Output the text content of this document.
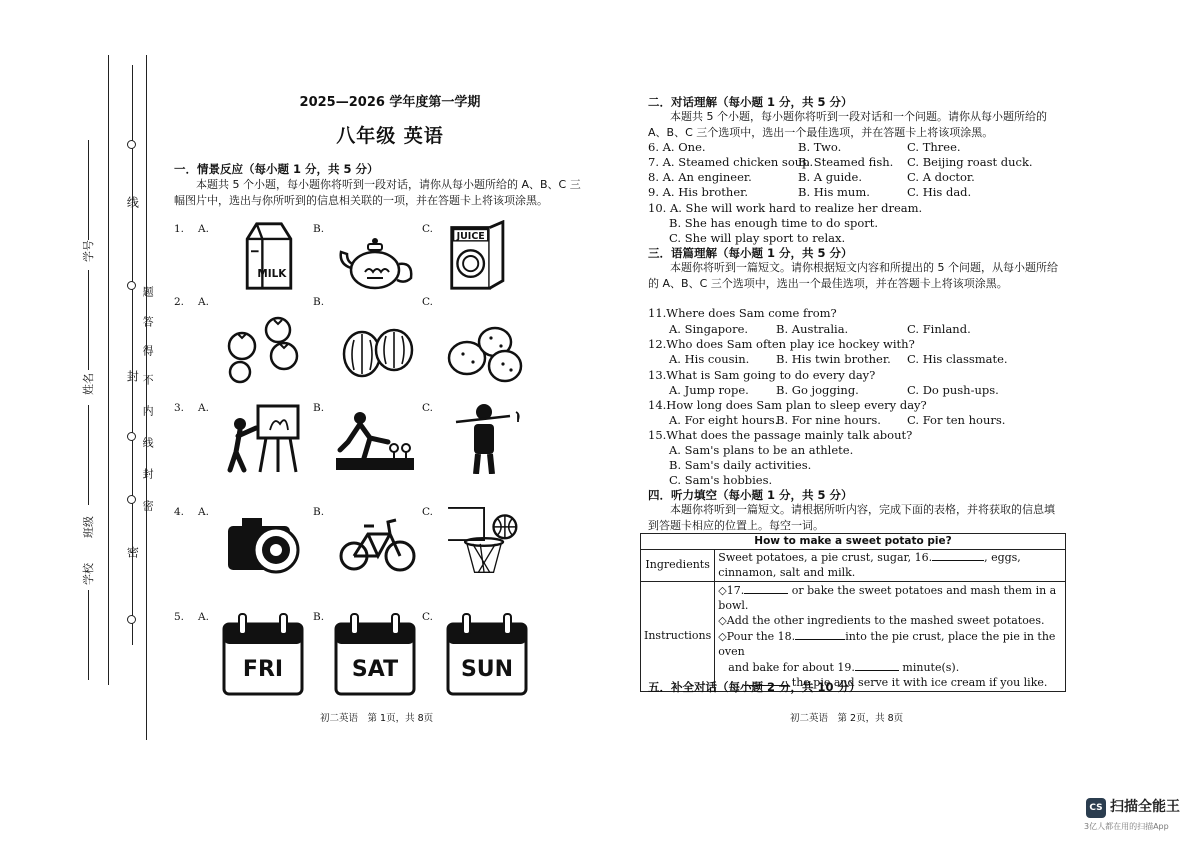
线
题
答
得
不
封
内
线
封
密
密
学校
班级
姓名
学号
2025—2026 学年度第一学期
八年级 英语
一．情景反应（每小题 1 分，共 5 分）
本题共 5 个小题，每小题你将听到一段对话，请你从每小题所给的 A、B、C 三幅图片中，选出与你所听到的信息相关联的一项，并在答题卡上将该项涂黑。
1. A.	B.	C.
MILK
JUICE
2. A.	B.	C.
3. A.	B.	C.
4. A.	B.	C.
5. A.	B.	C.
FRI	SAT	SUN
初二英语　第 1页，共 8页
二．对话理解（每小题 1 分，共 5 分）
本题共 5 个小题，每小题你将听到一段对话和一个问题。请你从每小题所给的 A、B、C 三个选项中，选出一个最佳选项，并在答题卡上将该项涂黑。
6. A. One.	B. Two.	C. Three.
7. A. Steamed chicken soup.
B. Steamed fish. C. Beijing roast duck.
8. A. An engineer.	B. A guide.	C. A doctor.
9. A. His brother.	B. His mum.	C. His dad.
10. A. She will work hard to realize her dream.
B. She has enough time to do sport.
C. She will play sport to relax.
三．语篇理解（每小题 1 分，共 5 分）
本题你将听到一篇短文。请你根据短文内容和所提出的 5 个问题，从每小题所给的 A、B、C 三个选项中，选出一个最佳选项，并在答题卡上将该项涂黑。
11.Where does Sam come from?
A. Singapore. B. Australia.	C. Finland.
12.Who does Sam often play ice hockey with?
A. His cousin. B. His twin brother. C. His classmate.
13.What is Sam going to do every day?
A. Jump rope. B. Go jogging.	C. Do push-ups.
14.How long does Sam plan to sleep every day?
A. For eight hours.
B. For nine hours. C. For ten hours.
15.What does the passage mainly talk about?
A. Sam's plans to be an athlete.
B. Sam's daily activities.
C. Sam's hobbies.
四．听力填空（每小题 1 分，共 5 分）
本题你将听到一篇短文。请根据所听内容，完成下面的表格，并将获取的信息填到答题卡相应的位置上。每空一词。
How to make a sweet potato pie?	
Ingredients	Sweet potatoes, a pie crust, sugar, 16. , eggs, cinnamon, salt and milk.
Instructions	◇17. or bake the sweet potatoes and mash them in a bowl.
◇Add the other ingredients to the mashed sweet potatoes.
◇Pour the 18. into the pie crust, place the pie in the oven
and bake for about 19. minute(s).
the pie and serve it with ice cream if you like.
五．补全对话（每小题 2 分，共 10 分）
初二英语　第 2页，共 8页
CS 扫描全能王
3亿人都在用的扫描App
